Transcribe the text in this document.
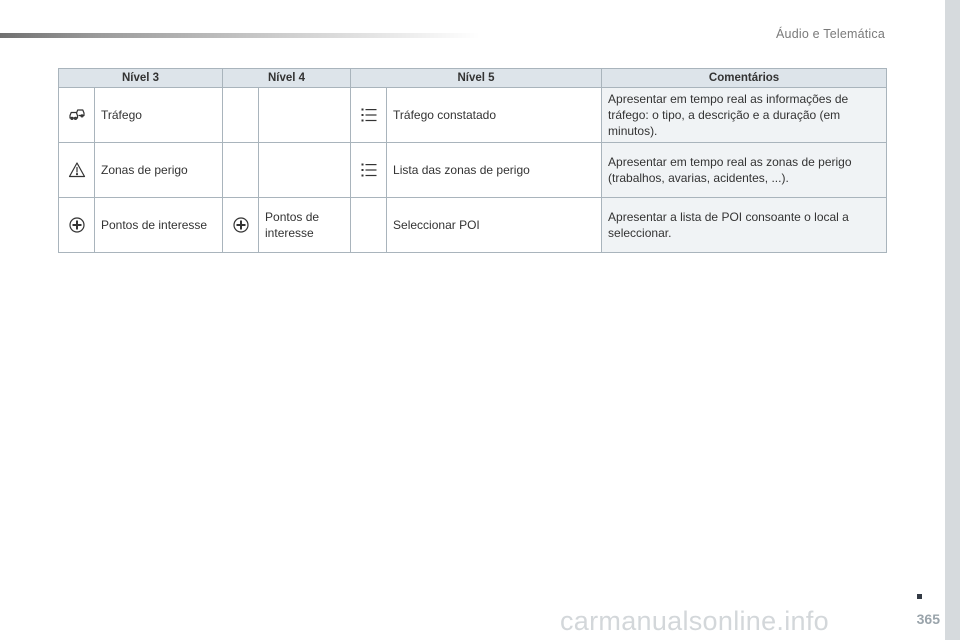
Áudio e Telemática
Nível 3		Nível 4		Nível 5		Comentários

	Tráfego				Tráfego constatado	Apresentar em tempo real as informações de tráfego: o tipo, a descrição e a duração (em minutos).

	Zonas de perigo				Lista das zonas de perigo	Apresentar em tempo real as zonas de perigo (trabalhos, avarias, acidentes, ...).

	Pontos de interesse		Pontos de interesse		Seleccionar POI	Apresentar a lista de POI consoante o local a seleccionar.
carmanualsonline.info	365
